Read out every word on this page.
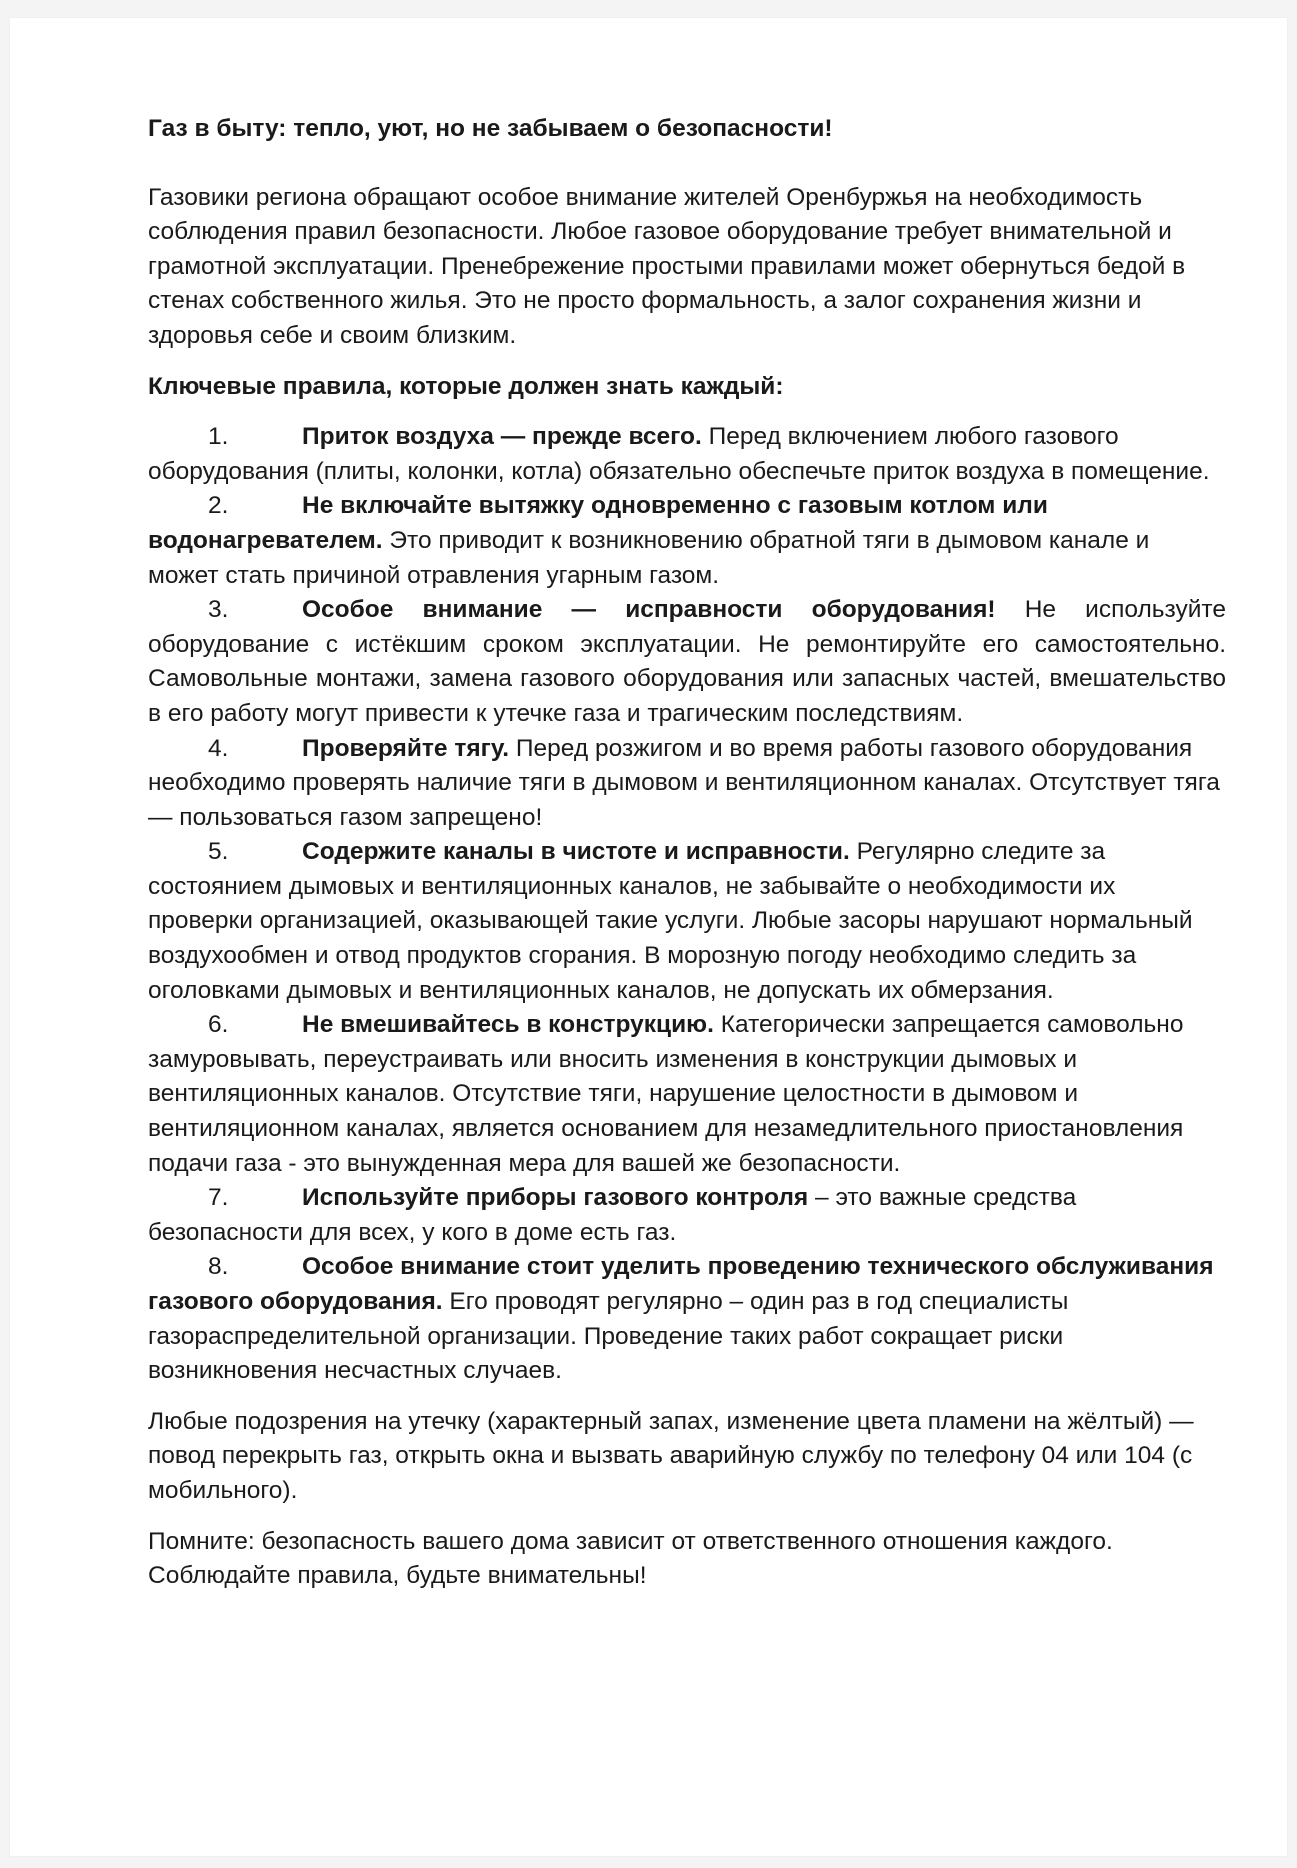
Газ в быту: тепло, уют, но не забываем о безопасности!

Газовики региона обращают особое внимание жителей Оренбуржья на необходимость соблюдения правил безопасности. Любое газовое оборудование требует внимательной и грамотной эксплуатации. Пренебрежение простыми правилами может обернуться бедой в стенах собственного жилья. Это не просто формальность, а залог сохранения жизни и здоровья себе и своим близким.

Ключевые правила, которые должен знать каждый:

1.	Приток воздуха — прежде всего. Перед включением любого газового оборудования (плиты, колонки, котла) обязательно обеспечьте приток воздуха в помещение.
2.	Не включайте вытяжку одновременно с газовым котлом или водонагревателем. Это приводит к возникновению обратной тяги в дымовом канале и может стать причиной отравления угарным газом.
3.	Особое внимание — исправности оборудования! Не используйте оборудование с истёкшим сроком эксплуатации. Не ремонтируйте его самостоятельно. Самовольные монтажи, замена газового оборудования или запасных частей, вмешательство в его работу могут привести к утечке газа и трагическим последствиям.
4.	Проверяйте тягу. Перед розжигом и во время работы газового оборудования необходимо проверять наличие тяги в дымовом и вентиляционном каналах. Отсутствует тяга — пользоваться газом запрещено!
5.	Содержите каналы в чистоте и исправности. Регулярно следите за состоянием дымовых и вентиляционных каналов, не забывайте о необходимости их проверки организацией, оказывающей такие услуги. Любые засоры нарушают нормальный воздухообмен и отвод продуктов сгорания. В морозную погоду необходимо следить за оголовками дымовых и вентиляционных каналов, не допускать их обмерзания.
6.	Не вмешивайтесь в конструкцию. Категорически запрещается самовольно замуровывать, переустраивать или вносить изменения в конструкции дымовых и вентиляционных каналов. Отсутствие тяги, нарушение целостности в дымовом и вентиляционном каналах, является основанием для незамедлительного приостановления подачи газа - это вынужденная мера для вашей же безопасности.
7.	Используйте приборы газового контроля – это важные средства безопасности для всех, у кого в доме есть газ.
8.	Особое внимание стоит уделить проведению технического обслуживания газового оборудования. Его проводят регулярно – один раз в год специалисты газораспределительной организации. Проведение таких работ сокращает риски возникновения несчастных случаев.

Любые подозрения на утечку (характерный запах, изменение цвета пламени на жёлтый) — повод перекрыть газ, открыть окна и вызвать аварийную службу по телефону 04 или 104 (с мобильного).

Помните: безопасность вашего дома зависит от ответственного отношения каждого. Соблюдайте правила, будьте внимательны!
